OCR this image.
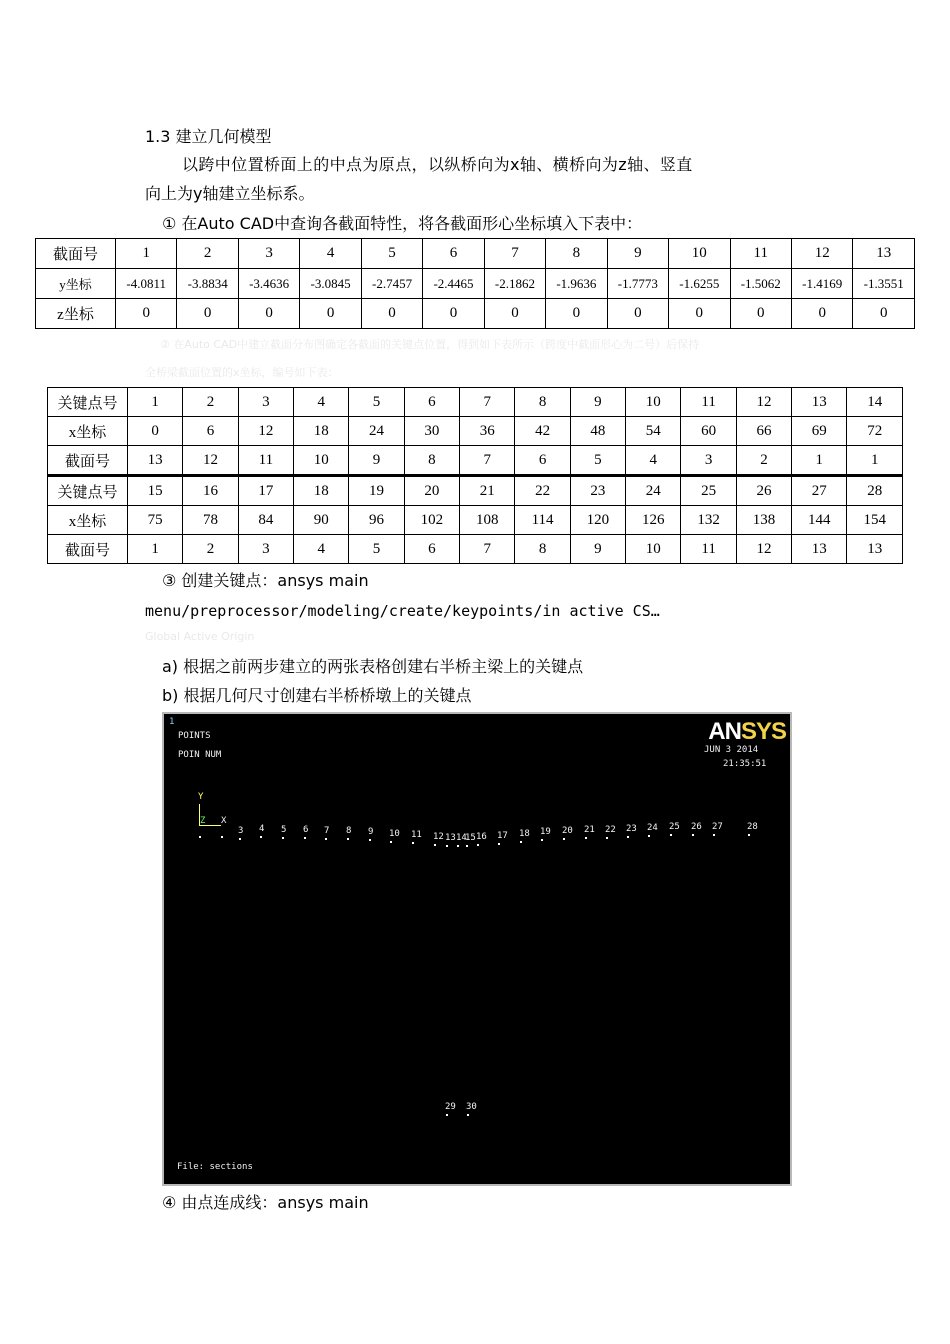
1.3 建立几何模型
以跨中位置桥面上的中点为原点，以纵桥向为x轴、横桥向为z轴、竖直
向上为y轴建立坐标系。
① 在Auto CAD中查询各截面特性，将各截面形心坐标填入下表中：
截面号	1	2	3	4	5	6	7	8	9	10	11	12	13
y坐标	-4.0811	-3.8834	-3.4636	-3.0845	-2.7457	-2.4465	-2.1862	-1.9636	-1.7773	-1.6255	-1.5062	-1.4169	-1.3551
z坐标	0	0	0	0	0	0	0	0	0	0	0	0	0
② 在Auto CAD中建立截面分布图确定各截面的关键点位置，得到如下表所示（跨度中截面形心为二号）后保持
全桥梁截面位置的x坐标，编号如下表：
关键点号	1	2	3	4	5	6	7	8	9	10	11	12	13	14
x坐标	0	6	12	18	24	30	36	42	48	54	60	66	69	72
截面号	13	12	11	10	9	8	7	6	5	4	3	2	1	1
关键点号	15	16	17	18	19	20	21	22	23	24	25	26	27	28
x坐标	75	78	84	90	96	102	108	114	120	126	132	138	144	154
截面号	1	2	3	4	5	6	7	8	9	10	11	12	13	13
③ 创建关键点：ansys main
menu/preprocessor/modeling/create/keypoints/in active CS…
Global Active Origin
a) 根据之前两步建立的两张表格创建右半桥主梁上的关键点
b) 根据几何尺寸创建右半桥桥墩上的关键点
1
POINTS
POIN NUM
ANSYS
JUN 3 2014
21:35:51
Y
Z X
3 4 5 6 7 8 9 10 11 12 13 14
15 16 17 18 19 20 21 22 23 24 25 26 27	28
29 30
File: sections
④ 由点连成线：ansys main
